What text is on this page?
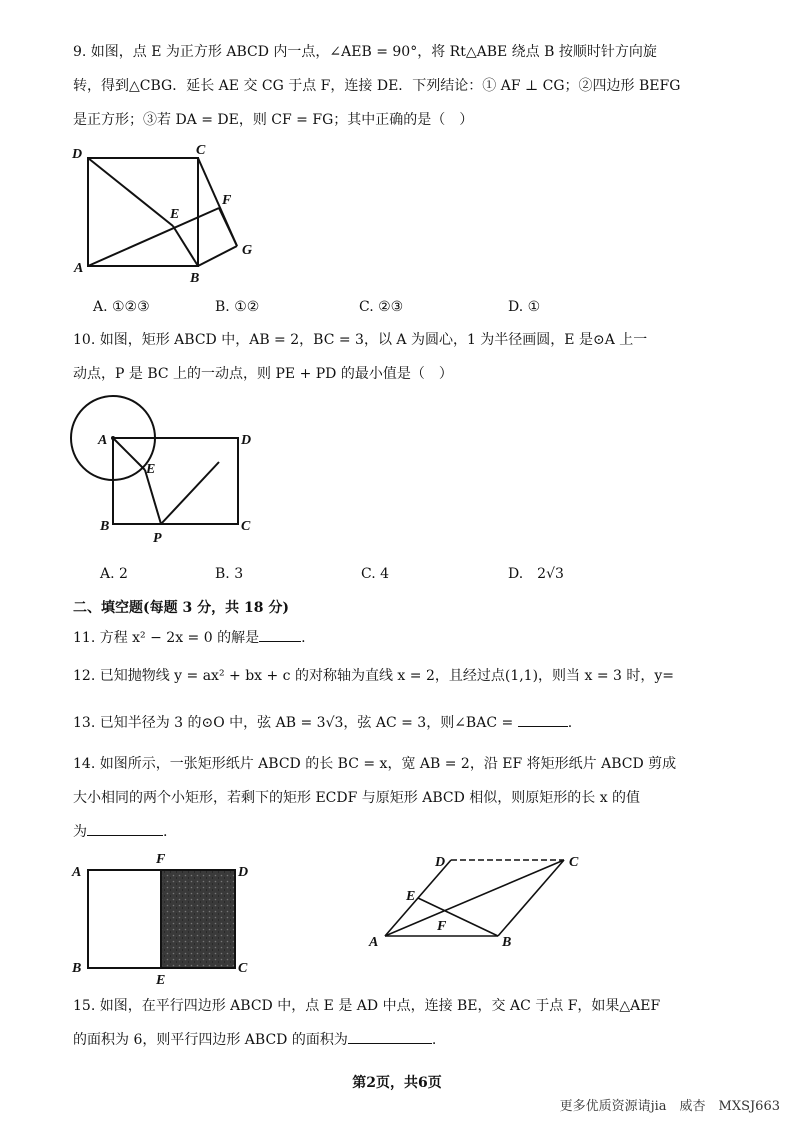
9. 如图，点 E 为正方形 ABCD 内一点，∠AEB = 90°，将 Rt△ABE 绕点 B 按顺时针方向旋
转，得到△CBG．延长 AE 交 CG 于点 F，连接 DE．下列结论：① AF ⊥ CG；②四边形 BEFG
是正方形；③若 DA = DE，则 CF = FG；其中正确的是（　）
D	C
E
F
A
B
G
A. ①②③	B. ①②	C. ②③	D. ①
10. 如图，矩形 ABCD 中，AB = 2，BC = 3，以 A 为圆心，1 为半径画圆，E 是⊙A 上一
动点，P 是 BC 上的一动点，则 PE + PD 的最小值是（　）
A	D
E
B
P
C
A. 2	B. 3	C. 4	D.　2√3
二、填空题(每题 3 分，共 18 分)
11. 方程 x² − 2x = 0 的解是	.
12. 已知抛物线 y = ax² + bx + c 的对称轴为直线 x = 2，且经过点(1,1)，则当 x = 3 时，y=
13. 已知半径为 3 的⊙O 中，弦 AB = 3√3，弦 AC = 3，则∠BAC =	.
14. 如图所示，一张矩形纸片 ABCD 的长 BC = x，宽 AB = 2，沿 EF 将矩形纸片 ABCD 剪成
大小相同的两个小矩形，若剩下的矩形 ECDF 与原矩形 ABCD 相似，则原矩形的长 x 的值
为	.
A
F
D
B
E
C
D	C
E
F
A	B
15. 如图，在平行四边形 ABCD 中，点 E 是 AD 中点，连接 BE，交 AC 于点 F，如果△AEF
的面积为 6，则平行四边形 ABCD 的面积为	.
第2页，共6页
更多优质资源请jia　威杏　MXSJ663
